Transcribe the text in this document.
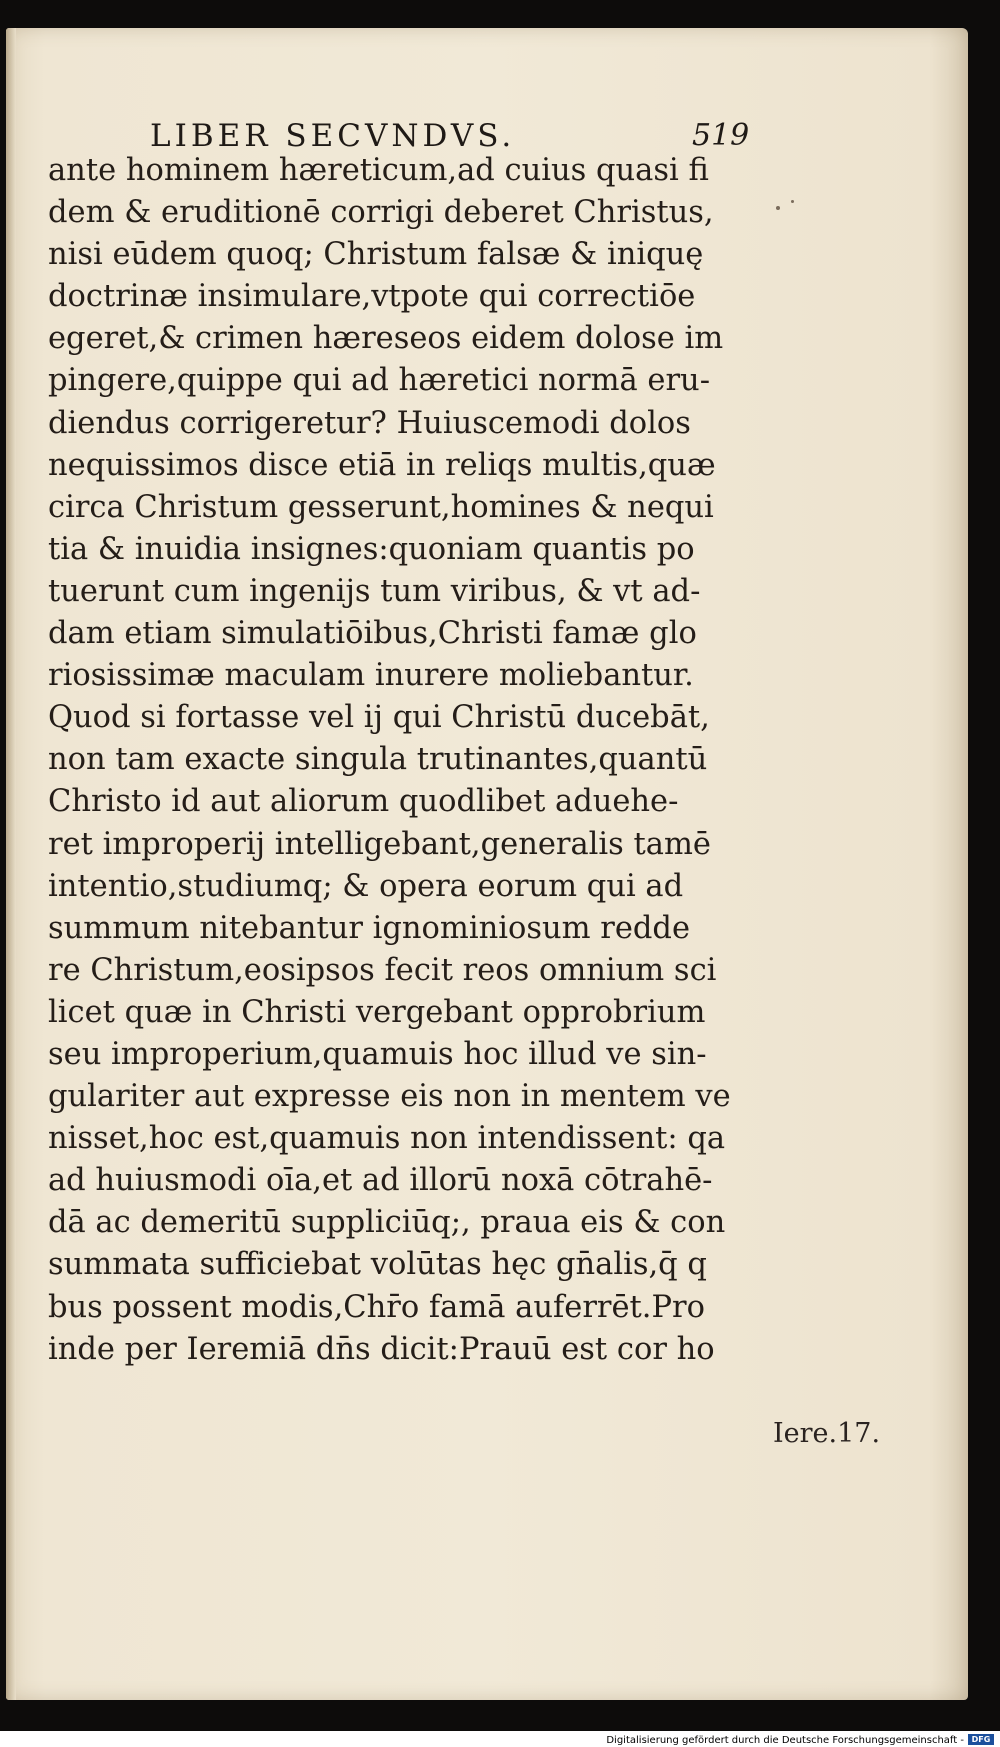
LIBER SECVNDVS.	519
ante hominem hæreticum,ad cuius quasi fi
dem & eruditionē corrigi deberet Christus,
nisi eūdem quoq; Christum falsæ & iniquę
doctrinæ insimulare,vtpote qui correctiōe
egeret,& crimen hæreseos eidem dolose im
pingere,quippe qui ad hæretici normā eru-
diendus corrigeretur? Huiuscemodi dolos
nequissimos disce etiā in reliqs multis,quæ
circa Christum gesserunt,homines & nequi
tia & inuidia insignes:quoniam quantis po
tuerunt cum ingenijs tum viribus, & vt ad-
dam etiam simulatiōibus,Christi famæ glo
riosissimæ maculam inurere moliebantur.
Quod si fortasse vel ij qui Christū ducebāt,
non tam exacte singula trutinantes,quantū
Christo id aut aliorum quodlibet aduehe-
ret improperij intelligebant,generalis tamē
intentio,studiumq; & opera eorum qui ad
summum nitebantur ignominiosum redde
re Christum,eosipsos fecit reos omnium sci
licet quæ in Christi vergebant opprobrium
seu improperium,quamuis hoc illud ve sin-
gulariter aut expresse eis non in mentem ve
nisset,hoc est,quamuis non intendissent: qa
ad huiusmodi oīa,et ad illorū noxā cōtrahē-
dā ac demeritū suppliciūq;, praua eis & con
summata sufficiebat volūtas hęc gn̄alis,q̄ q
bus possent modis,Chr̄o famā auferrēt.Pro
inde per Ieremiā dn̄s dicit:Prauū est cor ho
Iere.17.
Digitalisierung gefördert durch die Deutsche Forschungsgemeinschaft - DFG
